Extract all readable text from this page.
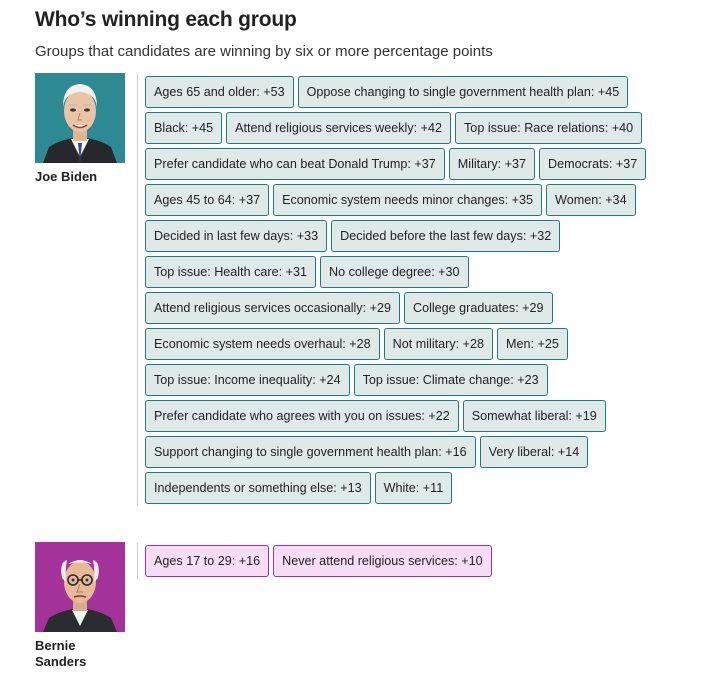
Who’s winning each group
Groups that candidates are winning by six or more percentage points
Joe Biden
Ages 65 and older: +53	Oppose changing to single government health plan: +45
Black: +45	Attend religious services weekly: +42	Top issue: Race relations: +40
Prefer candidate who can beat Donald Trump: +37	Military: +37	Democrats: +37
Ages 45 to 64: +37	Economic system needs minor changes: +35	Women: +34
Decided in last few days: +33	Decided before the last few days: +32
Top issue: Health care: +31	No college degree: +30
Attend religious services occasionally: +29	College graduates: +29
Economic system needs overhaul: +28	Not military: +28	Men: +25
Top issue: Income inequality: +24	Top issue: Climate change: +23
Prefer candidate who agrees with you on issues: +22	Somewhat liberal: +19
Support changing to single government health plan: +16	Very liberal: +14
Independents or something else: +13	White: +11
Bernie Sanders
Ages 17 to 29: +16	Never attend religious services: +10
